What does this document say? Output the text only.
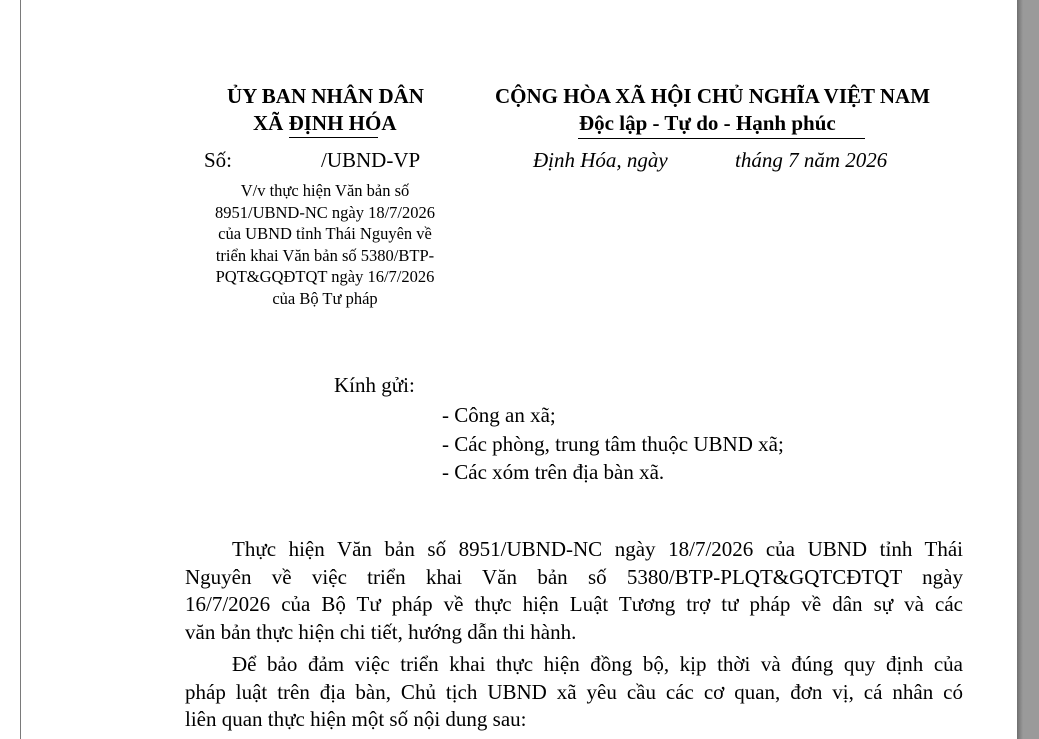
ỦY BAN NHÂN DÂN
XÃ ĐỊNH HÓA
CỘNG HÒA XÃ HỘI CHỦ NGHĨA VIỆT NAM
Độc lập - Tự do - Hạnh phúc
Số:	/UBND-VP	Định Hóa, ngày	tháng 7 năm 2026
V/v thực hiện Văn bản số
8951/UBND-NC ngày 18/7/2026
của UBND tỉnh Thái Nguyên về
triển khai Văn bản số 5380/BTP-
PQT&GQĐTQT ngày 16/7/2026
của Bộ Tư pháp
Kính gửi:
- Công an xã;
- Các phòng, trung tâm thuộc UBND xã;
- Các xóm trên địa bàn xã.
Thực hiện Văn bản số 8951/UBND-NC ngày 18/7/2026 của UBND tỉnh Thái
Nguyên về việc triển khai Văn bản số 5380/BTP-PLQT&GQTCĐTQT ngày
16/7/2026 của Bộ Tư pháp về thực hiện Luật Tương trợ tư pháp về dân sự và các
văn bản thực hiện chi tiết, hướng dẫn thi hành.
Để bảo đảm việc triển khai thực hiện đồng bộ, kịp thời và đúng quy định của
pháp luật trên địa bàn, Chủ tịch UBND xã yêu cầu các cơ quan, đơn vị, cá nhân có
liên quan thực hiện một số nội dung sau:
